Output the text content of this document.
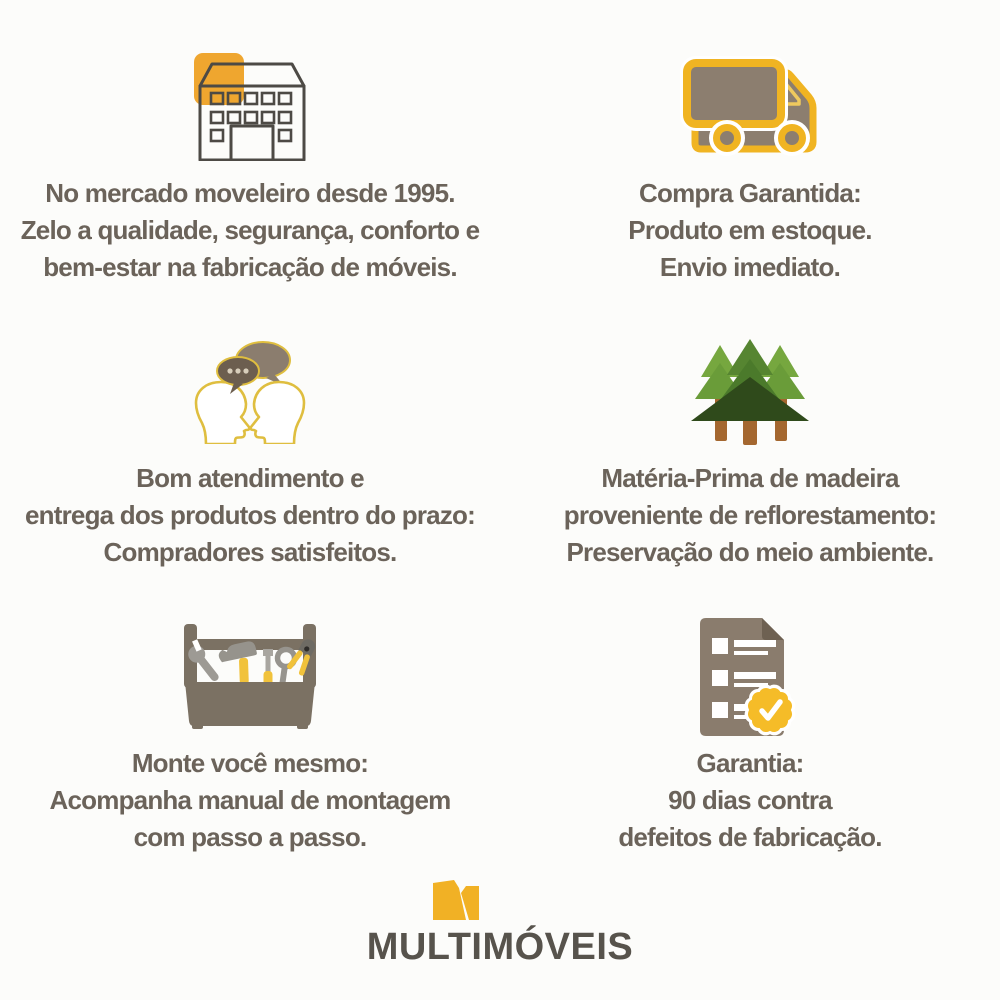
No mercado moveleiro desde 1995.
Zelo a qualidade, segurança, conforto e
bem-estar na fabricação de móveis.
Compra Garantida:
Produto em estoque.
Envio imediato.
Bom atendimento e
entrega dos produtos dentro do prazo:
Compradores satisfeitos.
Matéria-Prima de madeira
proveniente de reflorestamento:
Preservação do meio ambiente.
Monte você mesmo:
Acompanha manual de montagem
com passo a passo.
Garantia:
90 dias contra
defeitos de fabricação.
MULTIMÓVEIS
